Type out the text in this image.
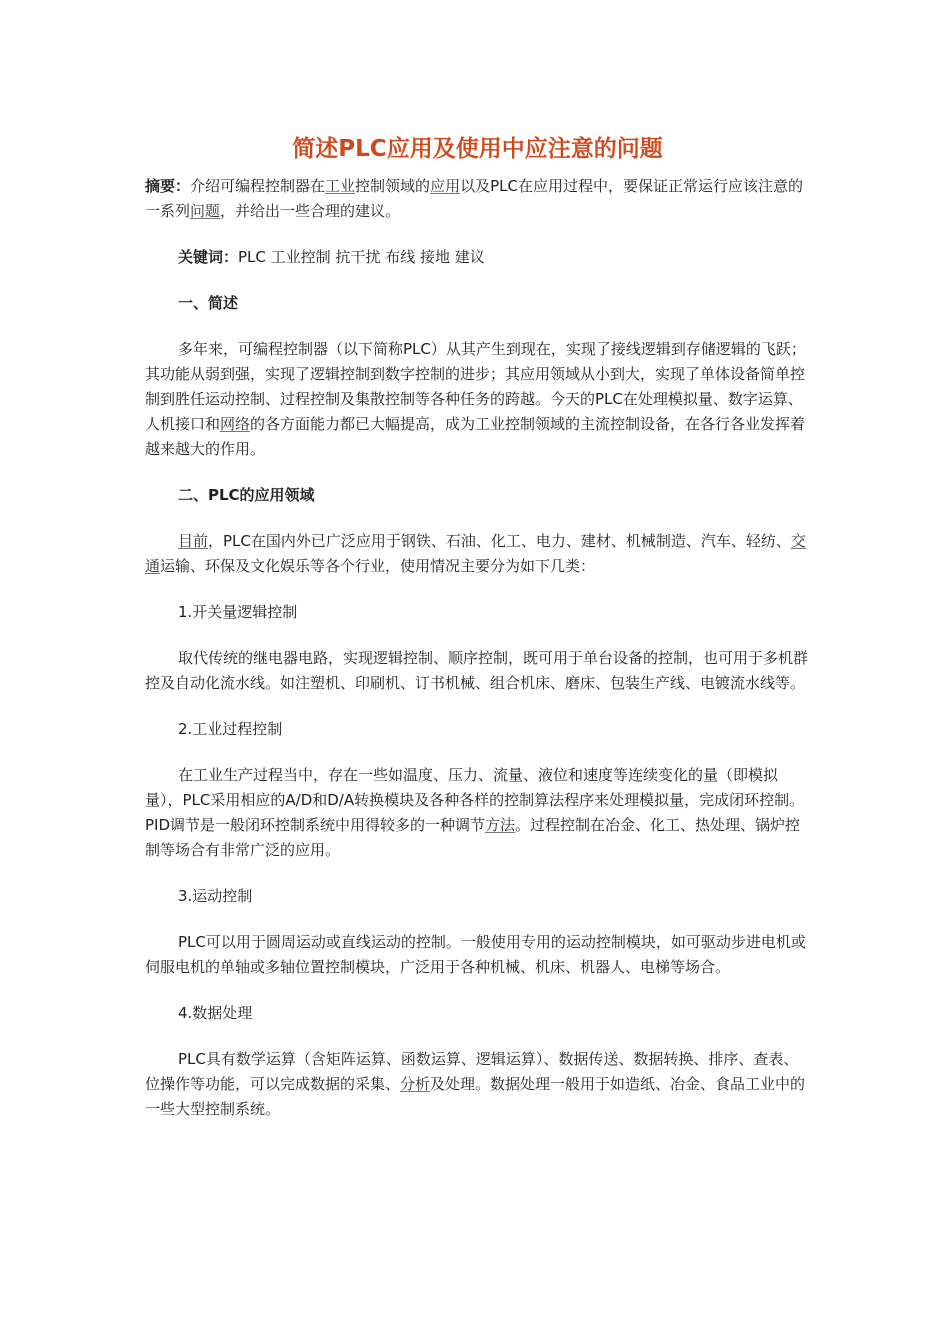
简述PLC应用及使用中应注意的问题

摘要：介绍可编程控制器在工业控制领域的应用以及PLC在应用过程中，要保证正常运行应该注意的一系列问题，并给出一些合理的建议。

关键词：PLC 工业控制 抗干扰 布线 接地 建议

一、简述

多年来，可编程控制器（以下简称PLC）从其产生到现在，实现了接线逻辑到存储逻辑的飞跃；其功能从弱到强，实现了逻辑控制到数字控制的进步；其应用领域从小到大，实现了单体设备简单控制到胜任运动控制、过程控制及集散控制等各种任务的跨越。今天的PLC在处理模拟量、数字运算、人机接口和网络的各方面能力都已大幅提高，成为工业控制领域的主流控制设备，在各行各业发挥着越来越大的作用。

二、PLC的应用领域

目前，PLC在国内外已广泛应用于钢铁、石油、化工、电力、建材、机械制造、汽车、轻纺、交通运输、环保及文化娱乐等各个行业，使用情况主要分为如下几类：

1.开关量逻辑控制

取代传统的继电器电路，实现逻辑控制、顺序控制，既可用于单台设备的控制，也可用于多机群控及自动化流水线。如注塑机、印刷机、订书机械、组合机床、磨床、包装生产线、电镀流水线等。

2.工业过程控制

在工业生产过程当中，存在一些如温度、压力、流量、液位和速度等连续变化的量（即模拟量），PLC采用相应的A/D和D/A转换模块及各种各样的控制算法程序来处理模拟量，完成闭环控制。PID调节是一般闭环控制系统中用得较多的一种调节方法。过程控制在冶金、化工、热处理、锅炉控制等场合有非常广泛的应用。

3.运动控制

PLC可以用于圆周运动或直线运动的控制。一般使用专用的运动控制模块，如可驱动步进电机或伺服电机的单轴或多轴位置控制模块，广泛用于各种机械、机床、机器人、电梯等场合。

4.数据处理

PLC具有数学运算（含矩阵运算、函数运算、逻辑运算）、数据传送、数据转换、排序、查表、位操作等功能，可以完成数据的采集、分析及处理。数据处理一般用于如造纸、冶金、食品工业中的一些大型控制系统。
